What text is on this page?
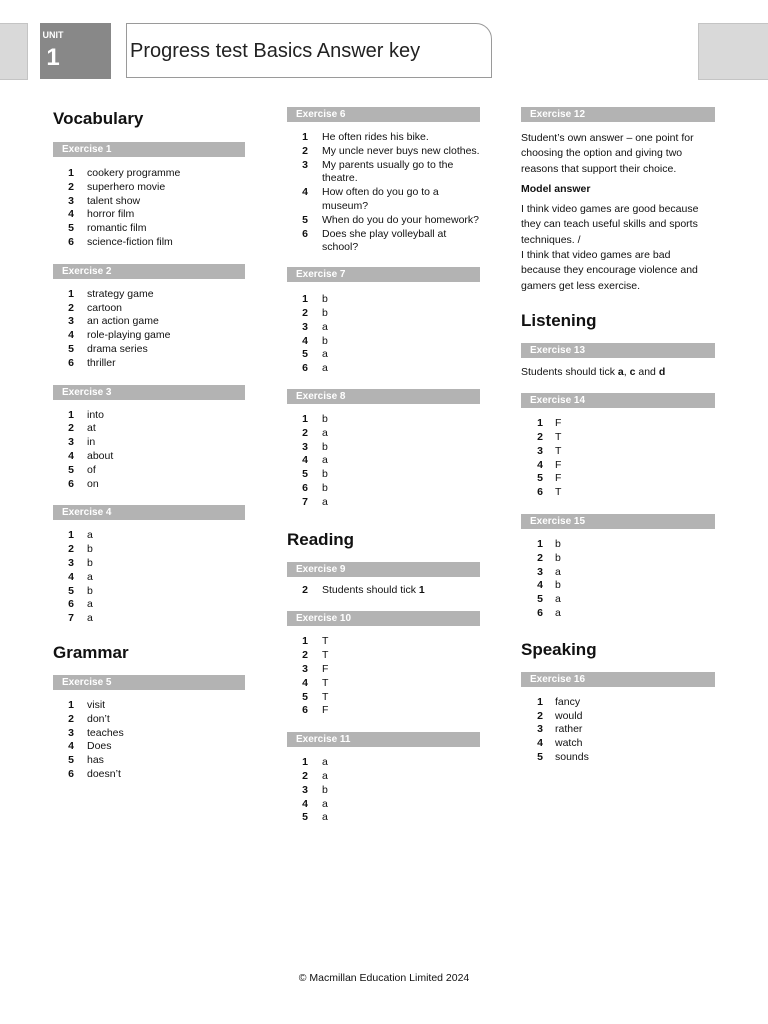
UNIT
1	Progress test Basics Answer key
Vocabulary
Exercise 1
1 cookery programme
2 superhero movie
3 talent show
4 horror film
5 romantic film
6 science-fiction film
Exercise 2
1 strategy game
2 cartoon
3 an action game
4 role-playing game
5 drama series
6 thriller
Exercise 3
1 into
2 at
3 in
4 about
5 of
6 on
Exercise 4
1 a
2 b
3 b
4 a
5 b
6 a
7 a
Grammar
Exercise 5
1 visit
2 don’t
3 teaches
4 Does
5 has
6 doesn’t
Exercise 6
1 He often rides his bike.
2 My uncle never buys new clothes.
3 My parents usually go to the theatre.
4 How often do you go to a museum?
5 When do you do your homework?
6 Does she play volleyball at school?
Exercise 7
1 b
2 b
3 a
4 b
5 a
6 a
Exercise 8
1 b
2 a
3 b
4 a
5 b
6 b
7 a
Reading
Exercise 9
2 Students should tick 1
Exercise 10
1 T
2 T
3 F
4 T
5 T
6 F
Exercise 11
1 a
2 a
3 b
4 a
5 a
Exercise 12

Student’s own answer – one point for choosing the option and giving two reasons that support their choice.

Model answer

I think video games are good because they can teach useful skills and sports techniques. /

I think that video games are bad because they encourage violence and gamers get less exercise.

Listening
Exercise 13

Students should tick a, c and d

Exercise 14
1 F
2 T
3 T
4 F
5 F
6 T
Exercise 15
1 b
2 b
3 a
4 b
5 a
6 a
Speaking
Exercise 16
1 fancy
2 would
3 rather
4 watch
5 sounds
© Macmillan Education Limited 2024
